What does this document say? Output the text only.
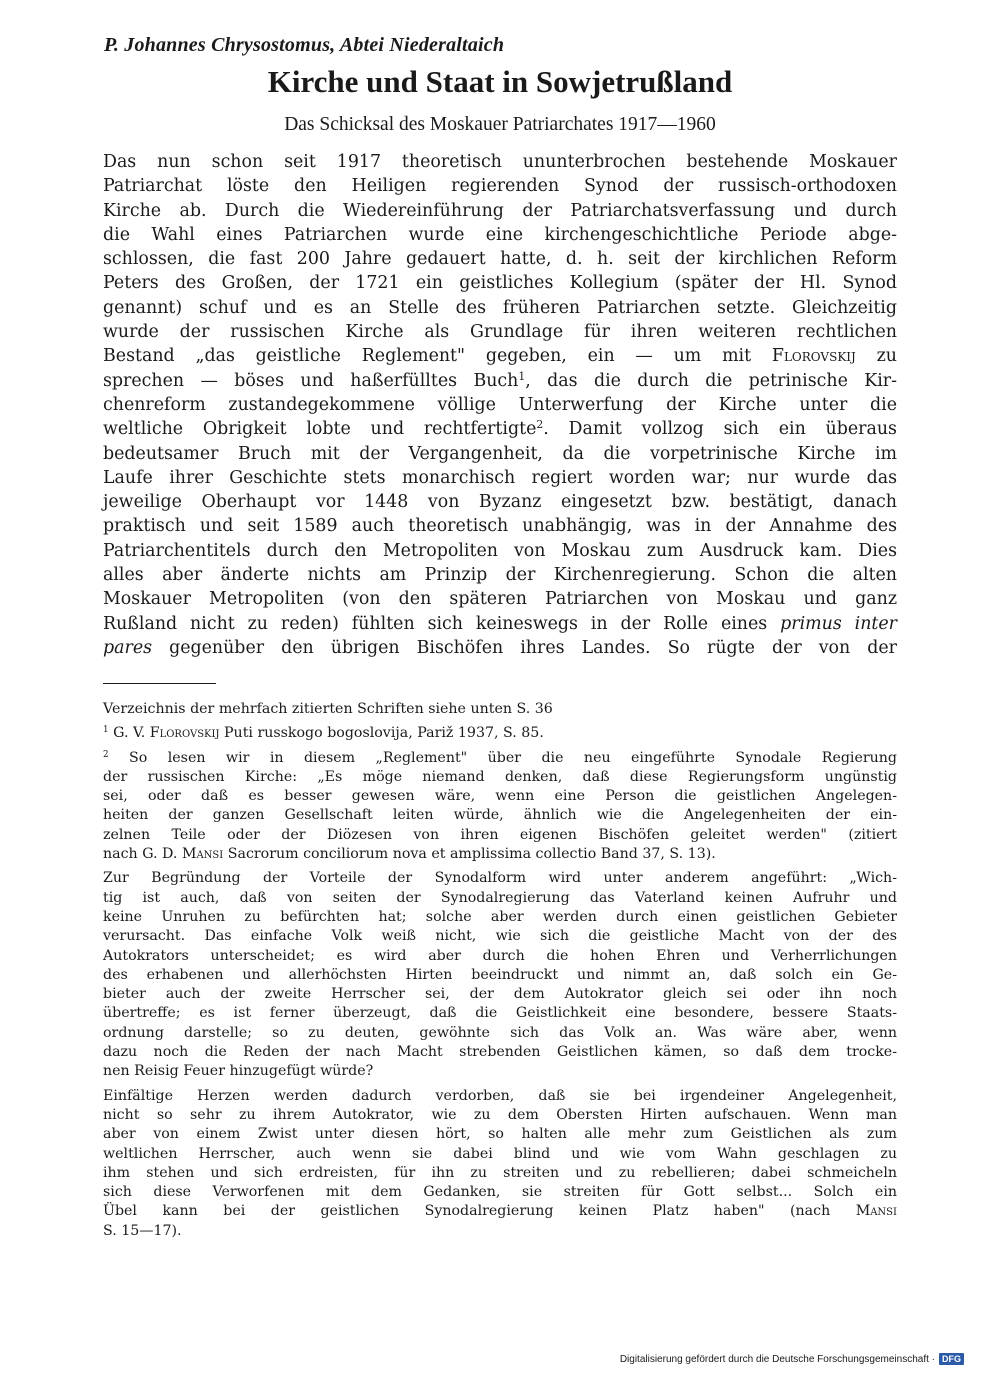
P. Johannes Chrysostomus, Abtei Niederaltaich
Kirche und Staat in Sowjetrußland
Das Schicksal des Moskauer Patriarchates 1917—1960
Das nun schon seit 1917 theoretisch ununterbrochen bestehende Moskauer
Patriarchat löste den Heiligen regierenden Synod der russisch-orthodoxen
Kirche ab. Durch die Wiedereinführung der Patriarchatsverfassung und durch
die Wahl eines Patriarchen wurde eine kirchengeschichtliche Periode abge-
schlossen, die fast 200 Jahre gedauert hatte, d. h. seit der kirchlichen Reform
Peters des Großen, der 1721 ein geistliches Kollegium (später der Hl. Synod
genannt) schuf und es an Stelle des früheren Patriarchen setzte. Gleichzeitig
wurde der russischen Kirche als Grundlage für ihren weiteren rechtlichen
Bestand „das geistliche Reglement" gegeben, ein — um mit Florovskij zu
sprechen — böses und haßerfülltes Buch$^1$, das die durch die petrinische Kir-
chenreform zustandegekommene völlige Unterwerfung der Kirche unter die
weltliche Obrigkeit lobte und rechtfertigte$^2$. Damit vollzog sich ein überaus
bedeutsamer Bruch mit der Vergangenheit, da die vorpetrinische Kirche im
Laufe ihrer Geschichte stets monarchisch regiert worden war; nur wurde das
jeweilige Oberhaupt vor 1448 von Byzanz eingesetzt bzw. bestätigt, danach
praktisch und seit 1589 auch theoretisch unabhängig, was in der Annahme des
Patriarchentitels durch den Metropoliten von Moskau zum Ausdruck kam. Dies
alles aber änderte nichts am Prinzip der Kirchenregierung. Schon die alten
Moskauer Metropoliten (von den späteren Patriarchen von Moskau und ganz
Rußland nicht zu reden) fühlten sich keineswegs in der Rolle eines primus inter
pares gegenüber den übrigen Bischöfen ihres Landes. So rügte der von der

Verzeichnis der mehrfach zitierten Schriften siehe unten S. 36

$^1$ G. V. Florovskij Puti russkogo bogoslovija, Pariž 1937, S. 85.

$^2$ So lesen wir in diesem „Reglement" über die neu eingeführte Synodale Regierung
der russischen Kirche: „Es möge niemand denken, daß diese Regierungsform ungünstig
sei, oder daß es besser gewesen wäre, wenn eine Person die geistlichen Angelegen-
heiten der ganzen Gesellschaft leiten würde, ähnlich wie die Angelegenheiten der ein-
zelnen Teile oder der Diözesen von ihren eigenen Bischöfen geleitet werden" (zitiert
nach G. D. Mansi Sacrorum conciliorum nova et amplissima collectio Band 37, S. 13).

Zur Begründung der Vorteile der Synodalform wird unter anderem angeführt: „Wich-
tig ist auch, daß von seiten der Synodalregierung das Vaterland keinen Aufruhr und
keine Unruhen zu befürchten hat; solche aber werden durch einen geistlichen Gebieter
verursacht. Das einfache Volk weiß nicht, wie sich die geistliche Macht von der des
Autokrators unterscheidet; es wird aber durch die hohen Ehren und Verherrlichungen
des erhabenen und allerhöchsten Hirten beeindruckt und nimmt an, daß solch ein Ge-
bieter auch der zweite Herrscher sei, der dem Autokrator gleich sei oder ihn noch
übertreffe; es ist ferner überzeugt, daß die Geistlichkeit eine besondere, bessere Staats-
ordnung darstelle; so zu deuten, gewöhnte sich das Volk an. Was wäre aber, wenn
dazu noch die Reden der nach Macht strebenden Geistlichen kämen, so daß dem trocke-
nen Reisig Feuer hinzugefügt würde?

Einfältige Herzen werden dadurch verdorben, daß sie bei irgendeiner Angelegenheit,
nicht so sehr zu ihrem Autokrator, wie zu dem Obersten Hirten aufschauen. Wenn man
aber von einem Zwist unter diesen hört, so halten alle mehr zum Geistlichen als zum
weltlichen Herrscher, auch wenn sie dabei blind und wie vom Wahn geschlagen zu
ihm stehen und sich erdreisten, für ihn zu streiten und zu rebellieren; dabei schmeicheln
sich diese Verworfenen mit dem Gedanken, sie streiten für Gott selbst... Solch ein
Übel kann bei der geistlichen Synodalregierung keinen Platz haben" (nach Mansi
S. 15—17).

Digitalisierung gefördert durch die Deutsche Forschungsgemeinschaft · DFG
